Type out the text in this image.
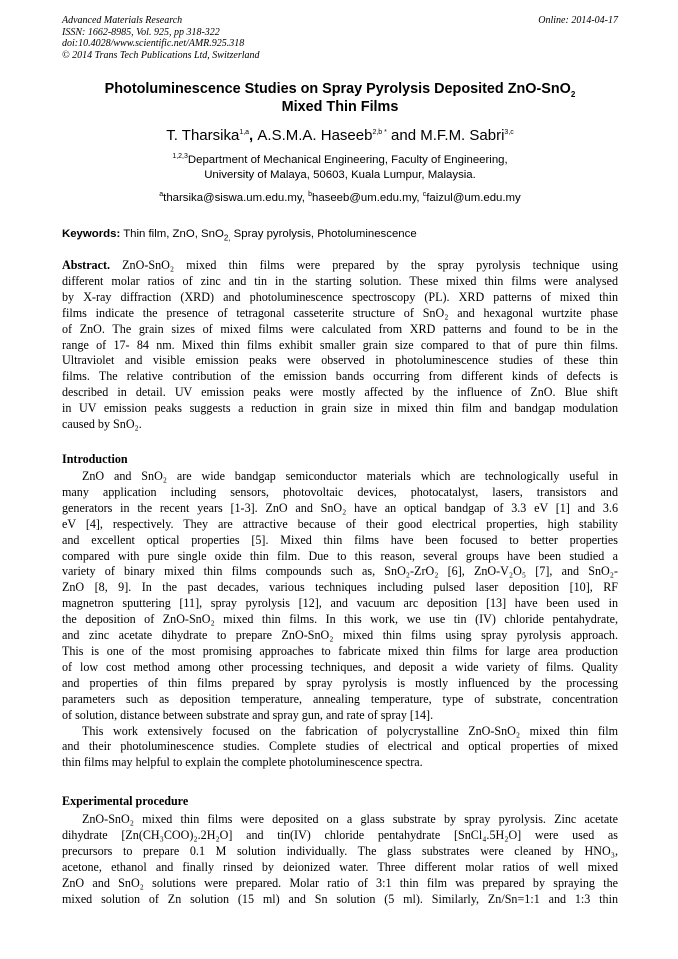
Advanced Materials Research
ISSN: 1662-8985, Vol. 925, pp 318-322
doi:10.4028/www.scientific.net/AMR.925.318
© 2014 Trans Tech Publications Ltd, Switzerland
Online: 2014-04-17
Photoluminescence Studies on Spray Pyrolysis Deposited ZnO-SnO$_2$
Mixed Thin Films
T. Tharsika$^{1,a}$, A.S.M.A. Haseeb$^{2,b *}$ and M.F.M. Sabri$^{3,c}$
$^{1,2,3}$Department of Mechanical Engineering, Faculty of Engineering,
University of Malaya, 50603, Kuala Lumpur, Malaysia.
$^a$tharsika@siswa.um.edu.my, $^b$haseeb@um.edu.my, $^c$faizul@um.edu.my
Keywords: Thin film, ZnO, SnO$_{2,}$ Spray pyrolysis, Photoluminescence
Abstract. ZnO-SnO₂ mixed thin films were prepared by the spray pyrolysis technique using
different molar ratios of zinc and tin in the starting solution. These mixed thin films were analysed
by X-ray diffraction (XRD) and photoluminescence spectroscopy (PL). XRD patterns of mixed thin
films indicate the presence of tetragonal casseterite structure of SnO₂ and hexagonal wurtzite phase
of ZnO. The grain sizes of mixed films were calculated from XRD patterns and found to be in the
range of 17- 84 nm. Mixed thin films exhibit smaller grain size compared to that of pure thin films.
Ultraviolet and visible emission peaks were observed in photoluminescence studies of these thin
films. The relative contribution of the emission bands occurring from different kinds of defects is
described in detail. UV emission peaks were mostly affected by the influence of ZnO. Blue shift
in UV emission peaks suggests a reduction in grain size in mixed thin film and bandgap modulation
caused by SnO₂.
Introduction
ZnO and SnO₂ are wide bandgap semiconductor materials which are technologically useful in
many application including sensors, photovoltaic devices, photocatalyst, lasers, transistors and
generators in the recent years [1-3]. ZnO and SnO₂ have an optical bandgap of 3.3 eV [1] and 3.6
eV [4], respectively. They are attractive because of their good electrical properties, high stability
and excellent optical properties [5]. Mixed thin films have been focused to better properties
compared with pure single oxide thin film. Due to this reason, several groups have been studied a
variety of binary mixed thin films compounds such as, SnO₂-ZrO₂ [6], ZnO-V₂O₅ [7], and SnO₂-
ZnO [8, 9]. In the past decades, various techniques including pulsed laser deposition [10], RF
magnetron sputtering [11], spray pyrolysis [12], and vacuum arc deposition [13] have been used in
the deposition of ZnO-SnO₂ mixed thin films. In this work, we use tin (IV) chloride pentahydrate,
and zinc acetate dihydrate to prepare ZnO-SnO₂ mixed thin films using spray pyrolysis approach.
This is one of the most promising approaches to fabricate mixed thin films for large area production
of low cost method among other processing techniques, and deposit a wide variety of films. Quality
and properties of thin films prepared by spray pyrolysis is mostly influenced by the processing
parameters such as deposition temperature, annealing temperature, type of substrate, concentration
of solution, distance between substrate and spray gun, and rate of spray [14].
This work extensively focused on the fabrication of polycrystalline ZnO-SnO₂ mixed thin film
and their photoluminescence studies. Complete studies of electrical and optical properties of mixed
thin films may helpful to explain the complete photoluminescence spectra.
Experimental procedure
ZnO-SnO₂ mixed thin films were deposited on a glass substrate by spray pyrolysis. Zinc acetate
dihydrate [Zn(CH₃COO)₂.2H₂O] and tin(IV) chloride pentahydrate [SnCl₄.5H₂O] were used as
precursors to prepare 0.1 M solution individually. The glass substrates were cleaned by HNO₃,
acetone, ethanol and finally rinsed by deionized water. Three different molar ratios of well mixed
ZnO and SnO₂ solutions were prepared. Molar ratio of 3:1 thin film was prepared by spraying the
mixed solution of Zn solution (15 ml) and Sn solution (5 ml). Similarly, Zn/Sn=1:1 and 1:3 thin
